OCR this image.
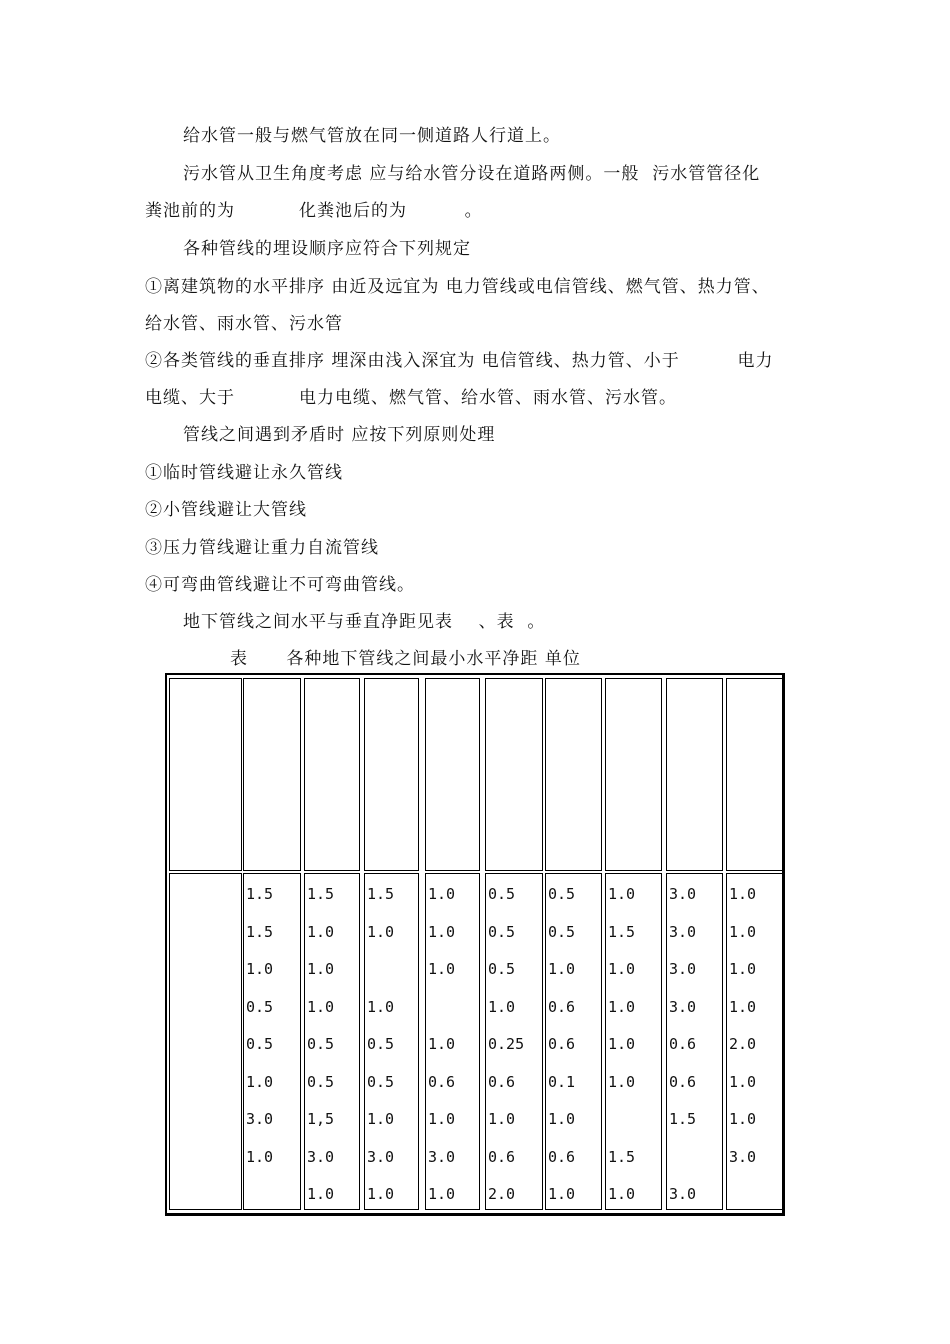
给水管一般与燃气管放在同一侧道路人行道上。
污水管从卫生角度考虑 应与给水管分设在道路两侧。一般  污水管管径化
粪池前的为          化粪池后的为         。
各种管线的埋设顺序应符合下列规定
①离建筑物的水平排序 由近及远宜为 电力管线或电信管线、燃气管、热力管、
给水管、雨水管、污水管
②各类管线的垂直排序 埋深由浅入深宜为 电信管线、热力管、小于         电力
电缆、大于          电力电缆、燃气管、给水管、雨水管、污水管。
管线之间遇到矛盾时 应按下列原则处理
①临时管线避让永久管线
②小管线避让大管线
③压力管线避让重力自流管线
④可弯曲管线避让不可弯曲管线。
地下管线之间水平与垂直净距见表    、表  。
表      各种地下管线之间最小水平净距 单位
1.5
1.5
1.0
0.5
0.5
1.0
3.0
1.0
1.5
1.0
1.0
1.0
0.5
0.5
1,5
3.0
1.0
1.5
1.0
1.0
0.5
0.5
1.0
3.0
1.0
1.0
1.0
1.0
1.0
0.6
1.0
3.0
1.0
0.5
0.5
0.5
1.0
0.25
0.6
1.0
0.6
2.0
0.5
0.5
1.0
0.6
0.6
0.1
1.0
0.6
1.0
1.0
1.5
1.0
1.0
1.0
1.0
1.5
1.0
3.0
3.0
3.0
3.0
0.6
0.6
1.5
3.0
1.0
1.0
1.0
1.0
2.0
1.0
1.0
3.0
